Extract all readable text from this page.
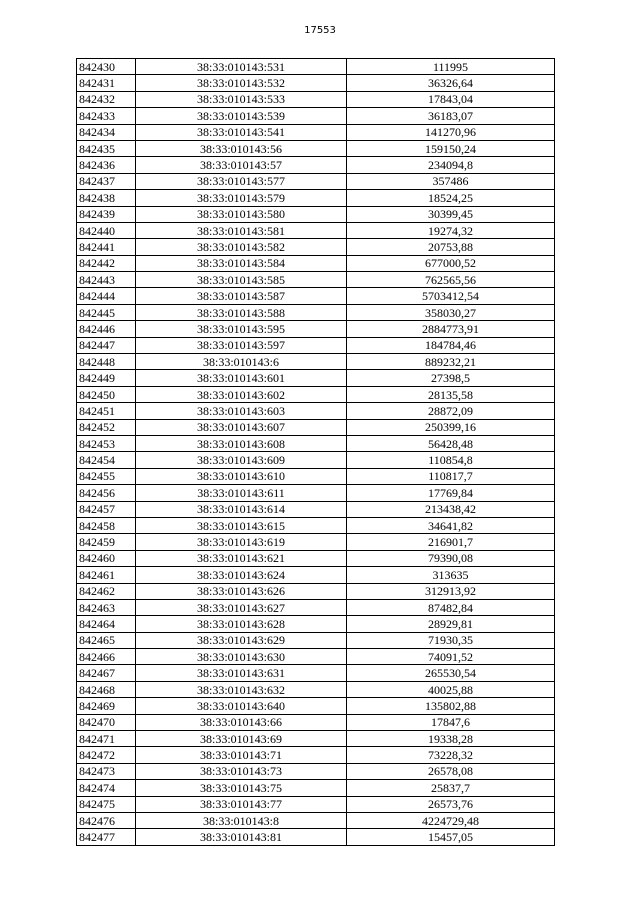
17553
842430	38:33:010143:531	111995
842431	38:33:010143:532	36326,64
842432	38:33:010143:533	17843,04
842433	38:33:010143:539	36183,07
842434	38:33:010143:541	141270,96
842435	38:33:010143:56	159150,24
842436	38:33:010143:57	234094,8
842437	38:33:010143:577	357486
842438	38:33:010143:579	18524,25
842439	38:33:010143:580	30399,45
842440	38:33:010143:581	19274,32
842441	38:33:010143:582	20753,88
842442	38:33:010143:584	677000,52
842443	38:33:010143:585	762565,56
842444	38:33:010143:587	5703412,54
842445	38:33:010143:588	358030,27
842446	38:33:010143:595	2884773,91
842447	38:33:010143:597	184784,46
842448	38:33:010143:6	889232,21
842449	38:33:010143:601	27398,5
842450	38:33:010143:602	28135,58
842451	38:33:010143:603	28872,09
842452	38:33:010143:607	250399,16
842453	38:33:010143:608	56428,48
842454	38:33:010143:609	110854,8
842455	38:33:010143:610	110817,7
842456	38:33:010143:611	17769,84
842457	38:33:010143:614	213438,42
842458	38:33:010143:615	34641,82
842459	38:33:010143:619	216901,7
842460	38:33:010143:621	79390,08
842461	38:33:010143:624	313635
842462	38:33:010143:626	312913,92
842463	38:33:010143:627	87482,84
842464	38:33:010143:628	28929,81
842465	38:33:010143:629	71930,35
842466	38:33:010143:630	74091,52
842467	38:33:010143:631	265530,54
842468	38:33:010143:632	40025,88
842469	38:33:010143:640	135802,88
842470	38:33:010143:66	17847,6
842471	38:33:010143:69	19338,28
842472	38:33:010143:71	73228,32
842473	38:33:010143:73	26578,08
842474	38:33:010143:75	25837,7
842475	38:33:010143:77	26573,76
842476	38:33:010143:8	4224729,48
842477	38:33:010143:81	15457,05
